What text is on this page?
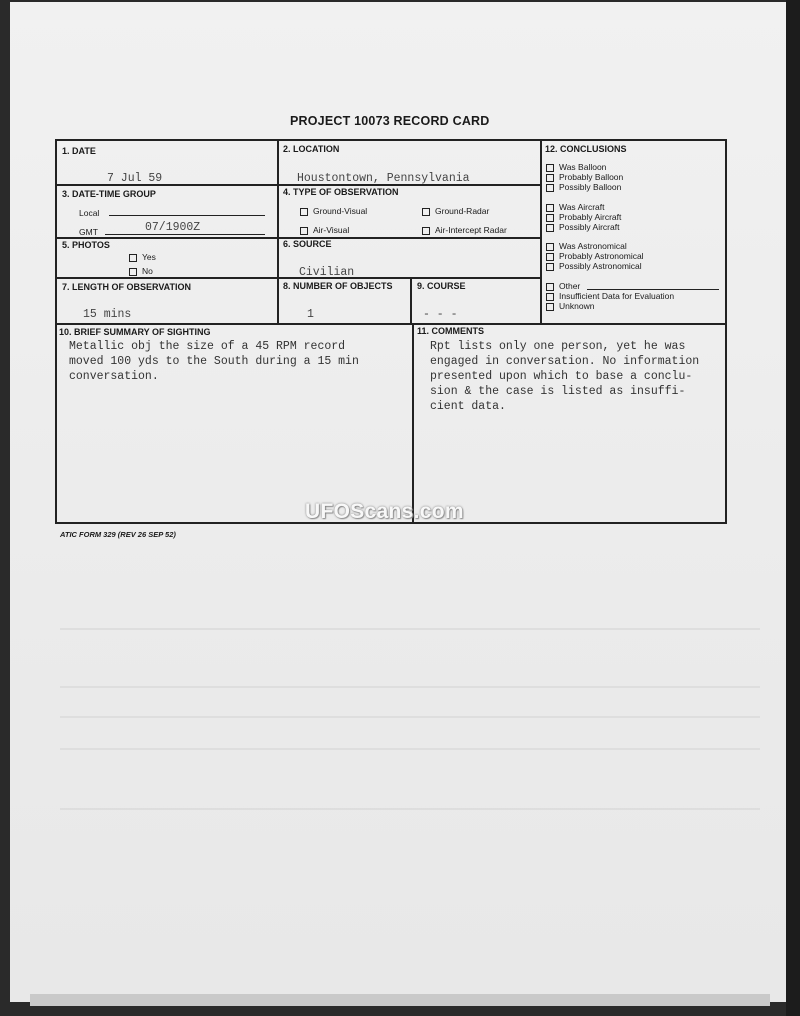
PROJECT 10073 RECORD CARD
1. DATE
7 Jul 59
2. LOCATION
Houstontown, Pennsylvania
3. DATE-TIME GROUP
Local
GMT	07/1900Z
4. TYPE OF OBSERVATION
Ground-Visual	Ground-Radar
Air-Visual	Air-Intercept Radar
5. PHOTOS
Yes
No
6. SOURCE
Civilian
7. LENGTH OF OBSERVATION
15 mins
8. NUMBER OF OBJECTS
1
9. COURSE
- - -
10. BRIEF SUMMARY OF SIGHTING
Metallic obj the size of a 45 RPM record
moved 100 yds to the South during a 15 min
conversation.
11. COMMENTS
Rpt lists only one person, yet he was
engaged in conversation. No information
presented upon which to base a conclu-
sion & the case is listed as insuffi-
cient data.
12. CONCLUSIONS
Was Balloon
Probably Balloon
Possibly Balloon
Was Aircraft
Probably Aircraft
Possibly Aircraft
Was Astronomical
Probably Astronomical
Possibly Astronomical
Other
Insufficient Data for Evaluation
Unknown
ATIC FORM 329 (REV 26 SEP 52)
UFOScans.com
